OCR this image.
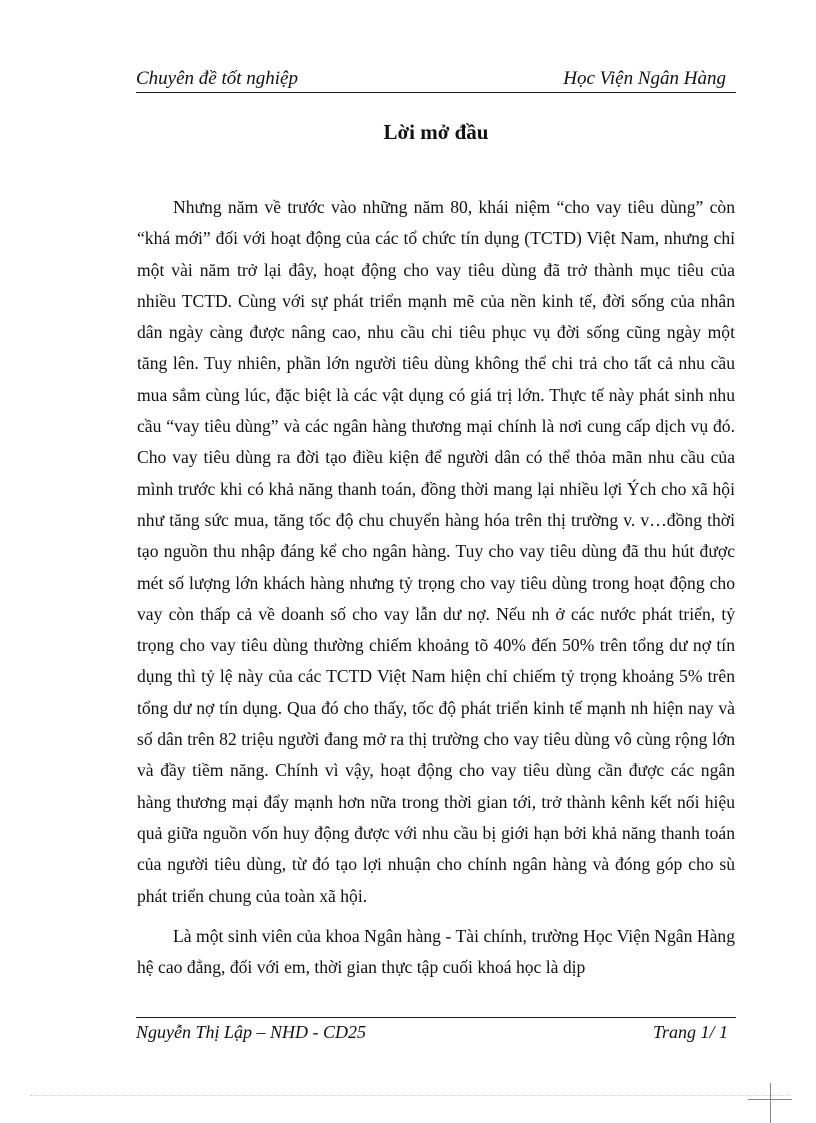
Chuyên đề tốt nghiệp	Học Viện Ngân Hàng
Lời mở đầu

Nhưng năm về trước vào những năm 80, khái niệm “cho vay tiêu dùng” còn “khá mới” đối với hoạt động của các tổ chức tín dụng (TCTD) Việt Nam, nhưng chỉ một vài năm trở lại đây, hoạt động cho vay tiêu dùng đã trở thành mục tiêu của nhiều TCTD. Cùng với sự phát triển mạnh mẽ của nền kinh tế, đời sống của nhân dân ngày càng được nâng cao, nhu cầu chi tiêu phục vụ đời sống cũng ngày một tăng lên. Tuy nhiên, phần lớn người tiêu dùng không thể chi trả cho tất cả nhu cầu mua sắm cùng lúc, đặc biệt là các vật dụng có giá trị lớn. Thực tế này phát sinh nhu cầu “vay tiêu dùng” và các ngân hàng thương mại chính là nơi cung cấp dịch vụ đó. Cho vay tiêu dùng ra đời tạo điều kiện để người dân có thể thỏa mãn nhu cầu của mình trước khi có khả năng thanh toán, đồng thời mang lại nhiều lợi Ých cho xã hội như tăng sức mua, tăng tốc độ chu chuyển hàng hóa trên thị trường v. v…đồng thời tạo nguồn thu nhập đáng kể cho ngân hàng. Tuy cho vay tiêu dùng đã thu hút được mét số lượng lớn khách hàng nhưng tỷ trọng cho vay tiêu dùng trong hoạt động cho vay còn thấp cả về doanh số cho vay lẫn dư nợ. Nếu nh ở các nước phát triển, tỷ trọng cho vay tiêu dùng thường chiếm khoảng tõ 40% đến 50% trên tổng dư nợ tín dụng thì tỷ lệ này của các TCTD Việt Nam hiện chỉ chiếm tỷ trọng khoảng 5% trên tổng dư nợ tín dụng. Qua đó cho thấy, tốc độ phát triển kinh tế mạnh nh hiện nay và số dân trên 82 triệu người đang mở ra thị trường cho vay tiêu dùng vô cùng rộng lớn và đầy tiềm năng. Chính vì vậy, hoạt động cho vay tiêu dùng cần được các ngân hàng thương mại đẩy mạnh hơn nữa trong thời gian tới, trở thành kênh kết nối hiệu quả giữa nguồn vốn huy động được với nhu cầu bị giới hạn bởi khả năng thanh toán của người tiêu dùng, từ đó tạo lợi nhuận cho chính ngân hàng và đóng góp cho sù phát triển chung của toàn xã hội.

Là một sinh viên của khoa Ngân hàng - Tài chính, trường Học Viện Ngân Hàng hệ cao đẳng, đối với em, thời gian thực tập cuối khoá học là dịp

Nguyễn Thị Lập – NHD - CD25	Trang 1/ 1
